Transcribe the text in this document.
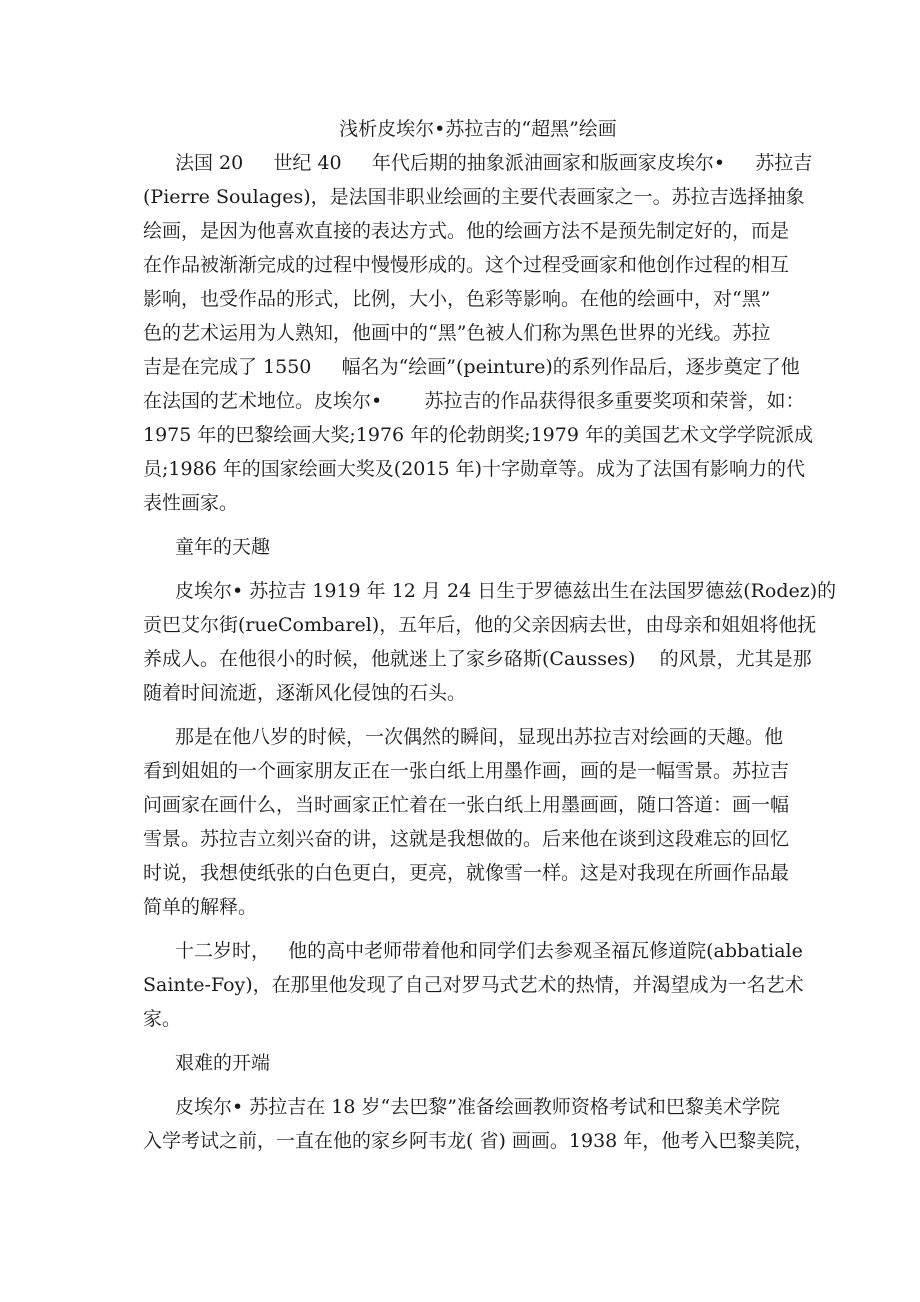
浅析皮埃尔•苏拉吉的“超黑”绘画
法国 20     世纪 40     年代后期的抽象派油画家和版画家皮埃尔•     苏拉吉
(Pierre Soulages)，是法国非职业绘画的主要代表画家之一。苏拉吉选择抽象
绘画，是因为他喜欢直接的表达方式。他的绘画方法不是预先制定好的，而是
在作品被渐渐完成的过程中慢慢形成的。这个过程受画家和他创作过程的相互
影响，也受作品的形式，比例，大小，色彩等影响。在他的绘画中，对“黑”
色的艺术运用为人熟知，他画中的“黑”色被人们称为黑色世界的光线。苏拉
吉是在完成了 1550     幅名为“绘画”(peinture)的系列作品后，逐步奠定了他
在法国的艺术地位。皮埃尔•       苏拉吉的作品获得很多重要奖项和荣誉，如：
1975 年的巴黎绘画大奖;1976 年的伦勃朗奖;1979 年的美国艺术文学学院派成
员;1986 年的国家绘画大奖及(2015 年)十字勋章等。成为了法国有影响力的代
表性画家。
童年的天趣
皮埃尔• 苏拉吉 1919 年 12 月 24 日生于罗德兹出生在法国罗德兹(Rodez)的
贡巴艾尔街(rueCombarel)，五年后，他的父亲因病去世，由母亲和姐姐将他抚
养成人。在他很小的时候，他就迷上了家乡硌斯(Causses)    的风景，尤其是那
随着时间流逝，逐渐风化侵蚀的石头。
那是在他八岁的时候，一次偶然的瞬间，显现出苏拉吉对绘画的天趣。他
看到姐姐的一个画家朋友正在一张白纸上用墨作画，画的是一幅雪景。苏拉吉
问画家在画什么，当时画家正忙着在一张白纸上用墨画画，随口答道：画一幅
雪景。苏拉吉立刻兴奋的讲，这就是我想做的。后来他在谈到这段难忘的回忆
时说，我想使纸张的白色更白，更亮，就像雪一样。这是对我现在所画作品最
简单的解释。
十二岁时，   他的高中老师带着他和同学们去参观圣福瓦修道院(abbatiale
Sainte-Foy)，在那里他发现了自己对罗马式艺术的热情，并渴望成为一名艺术
家。
艰难的开端
皮埃尔• 苏拉吉在 18 岁“去巴黎”准备绘画教师资格考试和巴黎美术学院
入学考试之前，一直在他的家乡阿韦龙( 省) 画画。1938 年，他考入巴黎美院，
